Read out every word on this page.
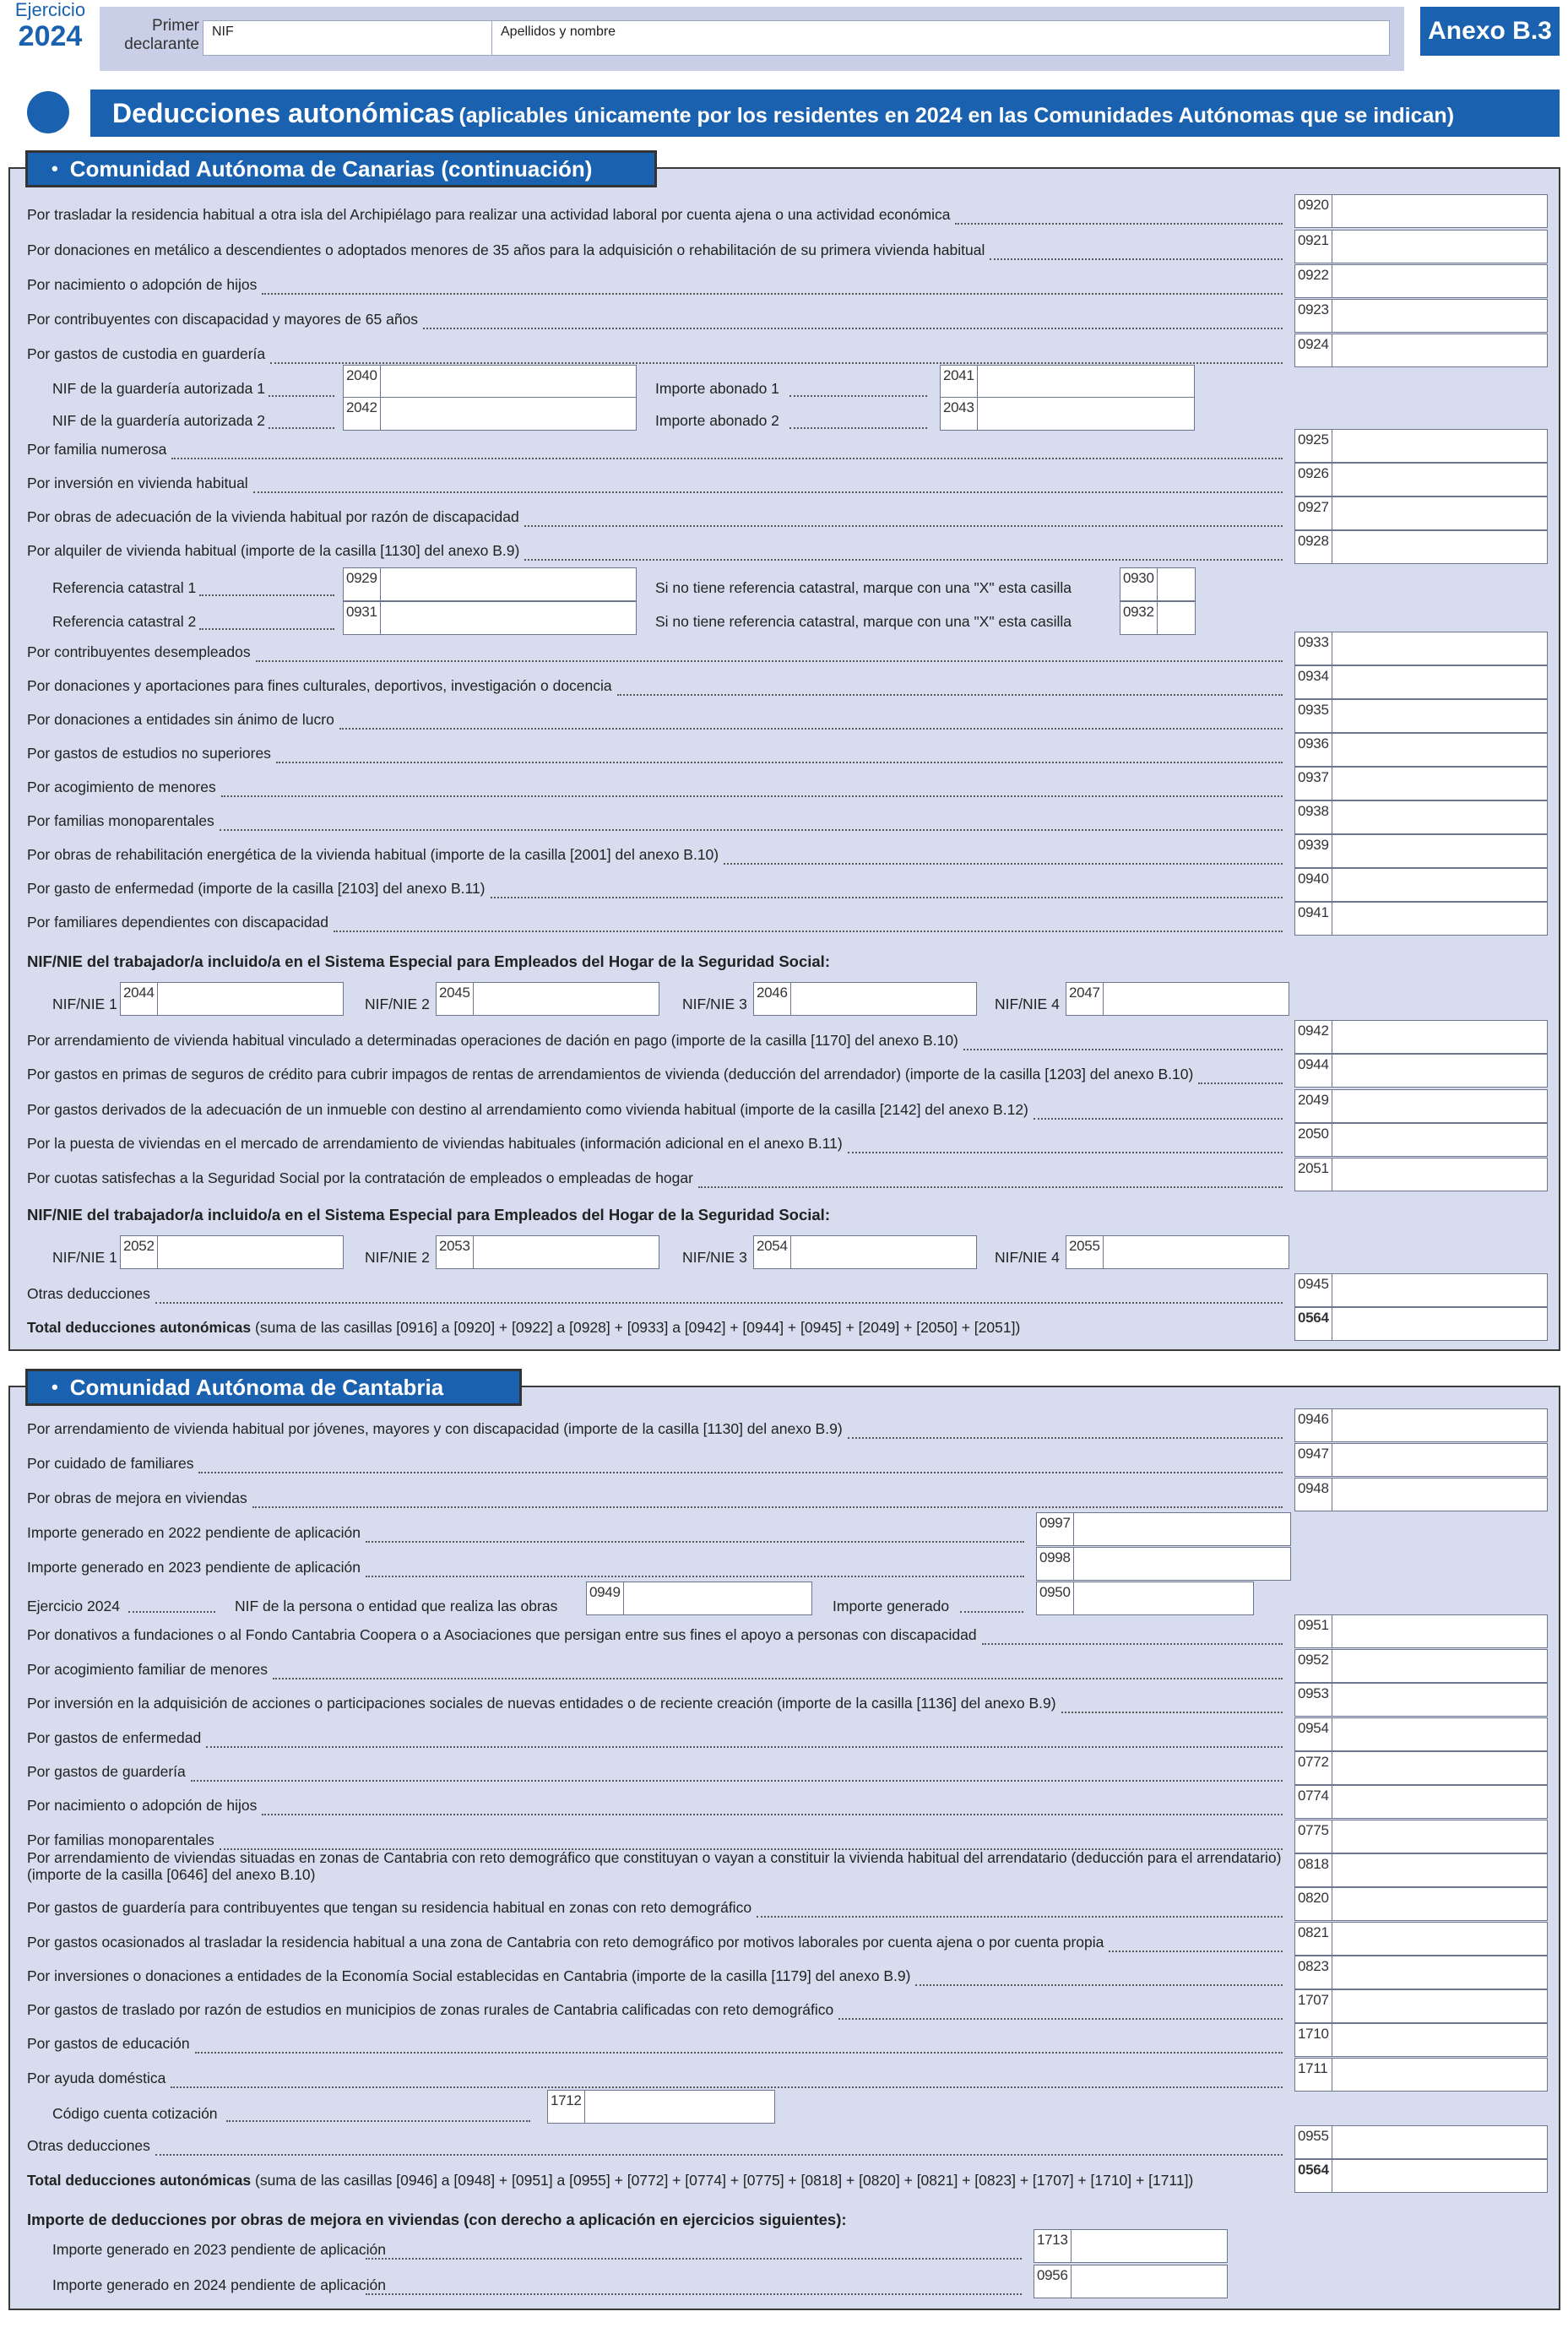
Ejercicio
2024	Primer declarante
NIF	Apellidos y nombre	Anexo B.3
Deducciones autonómicas (aplicables únicamente por los residentes en 2024 en las Comunidades Autónomas que se indican)
• Comunidad Autónoma de Canarias (continuación)
Por trasladar la residencia habitual a otra isla del Archipiélago para realizar una actividad laboral por cuenta ajena o una actividad económica
0920
Por donaciones en metálico a descendientes o adoptados menores de 35 años para la adquisición o rehabilitación de su primera vivienda habitual
0921
Por nacimiento o adopción de hijos
0922
Por contribuyentes con discapacidad y mayores de 65 años
0923
Por gastos de custodia en guardería
0924
NIF de la guardería autorizada 1
2040
Importe abonado 1
2041
NIF de la guardería autorizada 2
2042
Importe abonado 2
2043
Por familia numerosa
0925
Por inversión en vivienda habitual
0926
Por obras de adecuación de la vivienda habitual por razón de discapacidad
0927
Por alquiler de vivienda habitual (importe de la casilla [1130] del anexo B.9)
0928
Referencia catastral 1
0929
Si no tiene referencia catastral, marque con una "X" esta casilla
0930
Referencia catastral 2
0931
Si no tiene referencia catastral, marque con una "X" esta casilla
0932
Por contribuyentes desempleados
0933
Por donaciones y aportaciones para fines culturales, deportivos, investigación o docencia
0934
Por donaciones a entidades sin ánimo de lucro
0935
Por gastos de estudios no superiores
0936
Por acogimiento de menores
0937
Por familias monoparentales
0938
Por obras de rehabilitación energética de la vivienda habitual (importe de la casilla [2001] del anexo B.10)
0939
Por gasto de enfermedad (importe de la casilla [2103] del anexo B.11)
0940
Por familiares dependientes con discapacidad
0941
NIF/NIE del trabajador/a incluido/a en el Sistema Especial para Empleados del Hogar de la Seguridad Social:
NIF/NIE 1
2044
NIF/NIE 2
2045
NIF/NIE 3
2046
NIF/NIE 4
2047
Por arrendamiento de vivienda habitual vinculado a determinadas operaciones de dación en pago (importe de la casilla [1170] del anexo B.10)
0942
Por gastos en primas de seguros de crédito para cubrir impagos de rentas de arrendamientos de vivienda (deducción del arrendador) (importe de la casilla [1203] del anexo B.10)
0944
Por gastos derivados de la adecuación de un inmueble con destino al arrendamiento como vivienda habitual (importe de la casilla [2142] del anexo B.12)
2049
Por la puesta de viviendas en el mercado de arrendamiento de viviendas habituales (información adicional en el anexo B.11)
2050
Por cuotas satisfechas a la Seguridad Social por la contratación de empleados o empleadas de hogar
2051
NIF/NIE del trabajador/a incluido/a en el Sistema Especial para Empleados del Hogar de la Seguridad Social:
NIF/NIE 1
2052
NIF/NIE 2
2053
NIF/NIE 3
2054
NIF/NIE 4
2055
Otras deducciones
0945
Total deducciones autonómicas (suma de las casillas [0916] a [0920] + [0922] a [0928] + [0933] a [0942] + [0944] + [0945] + [2049] + [2050] + [2051])
0564
• Comunidad Autónoma de Cantabria
Por arrendamiento de vivienda habitual por jóvenes, mayores y con discapacidad (importe de la casilla [1130] del anexo B.9)
0946
Por cuidado de familiares
0947
Por obras de mejora en viviendas
0948
Importe generado en 2022 pendiente de aplicación
0997
Importe generado en 2023 pendiente de aplicación
0998
Ejercicio 2024	NIF de la persona o entidad que realiza las obras
0949
Importe generado
0950
Por donativos a fundaciones o al Fondo Cantabria Coopera o a Asociaciones que persigan entre sus fines el apoyo a personas con discapacidad
0951
Por acogimiento familiar de menores
0952
Por inversión en la adquisición de acciones o participaciones sociales de nuevas entidades o de reciente creación (importe de la casilla [1136] del anexo B.9)
0953
Por gastos de enfermedad
0954
Por gastos de guardería
0772
Por nacimiento o adopción de hijos
0774
Por familias monoparentales
0775
Por arrendamiento de viviendas situadas en zonas de Cantabria con reto demográfico que constituyan o vayan a constituir la vivienda habitual del arrendatario (deducción para el arrendatario)
(importe de la casilla [0646] del anexo B.10)
0818
Por gastos de guardería para contribuyentes que tengan su residencia habitual en zonas con reto demográfico
0820
Por gastos ocasionados al trasladar la residencia habitual a una zona de Cantabria con reto demográfico por motivos laborales por cuenta ajena o por cuenta propia
0821
Por inversiones o donaciones a entidades de la Economía Social establecidas en Cantabria (importe de la casilla [1179] del anexo B.9)
0823
Por gastos de traslado por razón de estudios en municipios de zonas rurales de Cantabria calificadas con reto demográfico
1707
Por gastos de educación
1710
Por ayuda doméstica
1711
Código cuenta cotización
1712
Otras deducciones
0955
Total deducciones autonómicas (suma de las casillas [0946] a [0948] + [0951] a [0955] + [0772] + [0774] + [0775] + [0818] + [0820] + [0821] + [0823] + [1707] + [1710] + [1711])
0564
Importe de deducciones por obras de mejora en viviendas (con derecho a aplicación en ejercicios siguientes):
Importe generado en 2023 pendiente de aplicación
1713
Importe generado en 2024 pendiente de aplicación
0956
